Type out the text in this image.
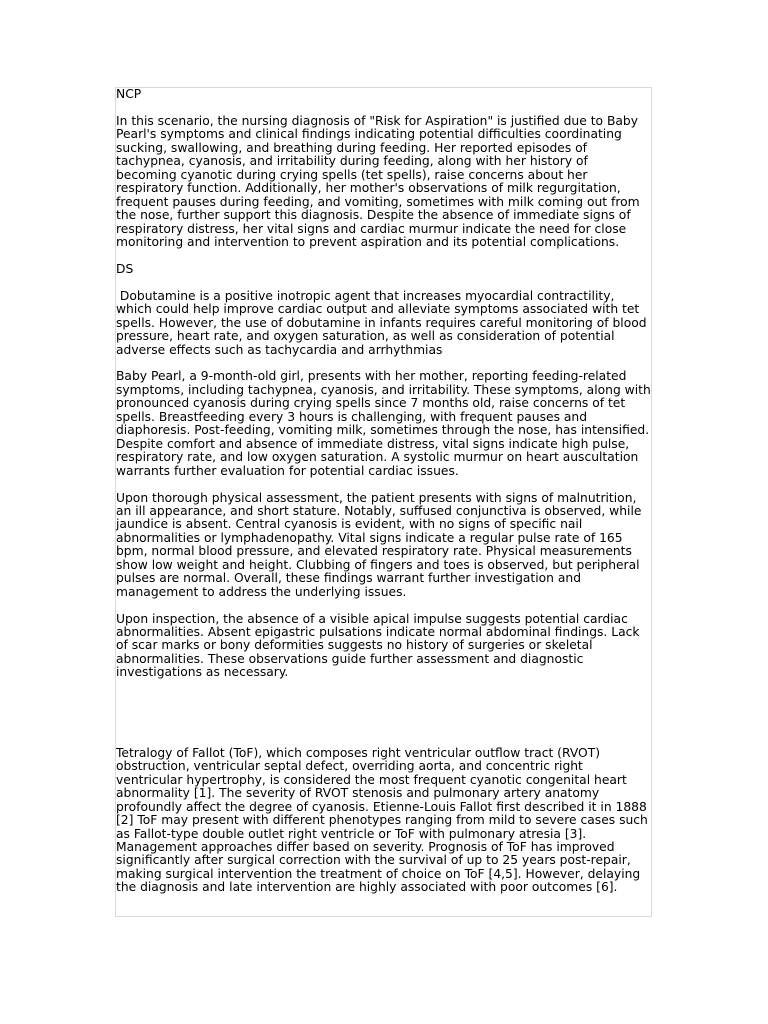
NCP

In this scenario, the nursing diagnosis of "Risk for Aspiration" is justified due to Baby Pearl's symptoms and clinical findings indicating potential difficulties coordinating sucking, swallowing, and breathing during feeding. Her reported episodes of tachypnea, cyanosis, and irritability during feeding, along with her history of becoming cyanotic during crying spells (tet spells), raise concerns about her respiratory function. Additionally, her mother's observations of milk regurgitation, frequent pauses during feeding, and vomiting, sometimes with milk coming out from the nose, further support this diagnosis. Despite the absence of immediate signs of respiratory distress, her vital signs and cardiac murmur indicate the need for close monitoring and intervention to prevent aspiration and its potential complications.

DS

Dobutamine is a positive inotropic agent that increases myocardial contractility, which could help improve cardiac output and alleviate symptoms associated with tet spells. However, the use of dobutamine in infants requires careful monitoring of blood pressure, heart rate, and oxygen saturation, as well as consideration of potential adverse effects such as tachycardia and arrhythmias

Baby Pearl, a 9-month-old girl, presents with her mother, reporting feeding-related symptoms, including tachypnea, cyanosis, and irritability. These symptoms, along with pronounced cyanosis during crying spells since 7 months old, raise concerns of tet spells. Breastfeeding every 3 hours is challenging, with frequent pauses and diaphoresis. Post-feeding, vomiting milk, sometimes through the nose, has intensified. Despite comfort and absence of immediate distress, vital signs indicate high pulse, respiratory rate, and low oxygen saturation. A systolic murmur on heart auscultation warrants further evaluation for potential cardiac issues.

Upon thorough physical assessment, the patient presents with signs of malnutrition, an ill appearance, and short stature. Notably, suffused conjunctiva is observed, while jaundice is absent. Central cyanosis is evident, with no signs of specific nail abnormalities or lymphadenopathy. Vital signs indicate a regular pulse rate of 165 bpm, normal blood pressure, and elevated respiratory rate. Physical measurements show low weight and height. Clubbing of fingers and toes is observed, but peripheral pulses are normal. Overall, these findings warrant further investigation and management to address the underlying issues.

Upon inspection, the absence of a visible apical impulse suggests potential cardiac abnormalities. Absent epigastric pulsations indicate normal abdominal findings. Lack of scar marks or bony deformities suggests no history of surgeries or skeletal abnormalities. These observations guide further assessment and diagnostic investigations as necessary.

Tetralogy of Fallot (ToF), which composes right ventricular outflow tract (RVOT) obstruction, ventricular septal defect, overriding aorta, and concentric right ventricular hypertrophy, is considered the most frequent cyanotic congenital heart abnormality [1]. The severity of RVOT stenosis and pulmonary artery anatomy profoundly affect the degree of cyanosis. Etienne-Louis Fallot first described it in 1888 [2] ToF may present with different phenotypes ranging from mild to severe cases such as Fallot-type double outlet right ventricle or ToF with pulmonary atresia [3]. Management approaches differ based on severity. Prognosis of ToF has improved significantly after surgical correction with the survival of up to 25 years post-repair, making surgical intervention the treatment of choice on ToF [4,5]. However, delaying the diagnosis and late intervention are highly associated with poor outcomes [6].
